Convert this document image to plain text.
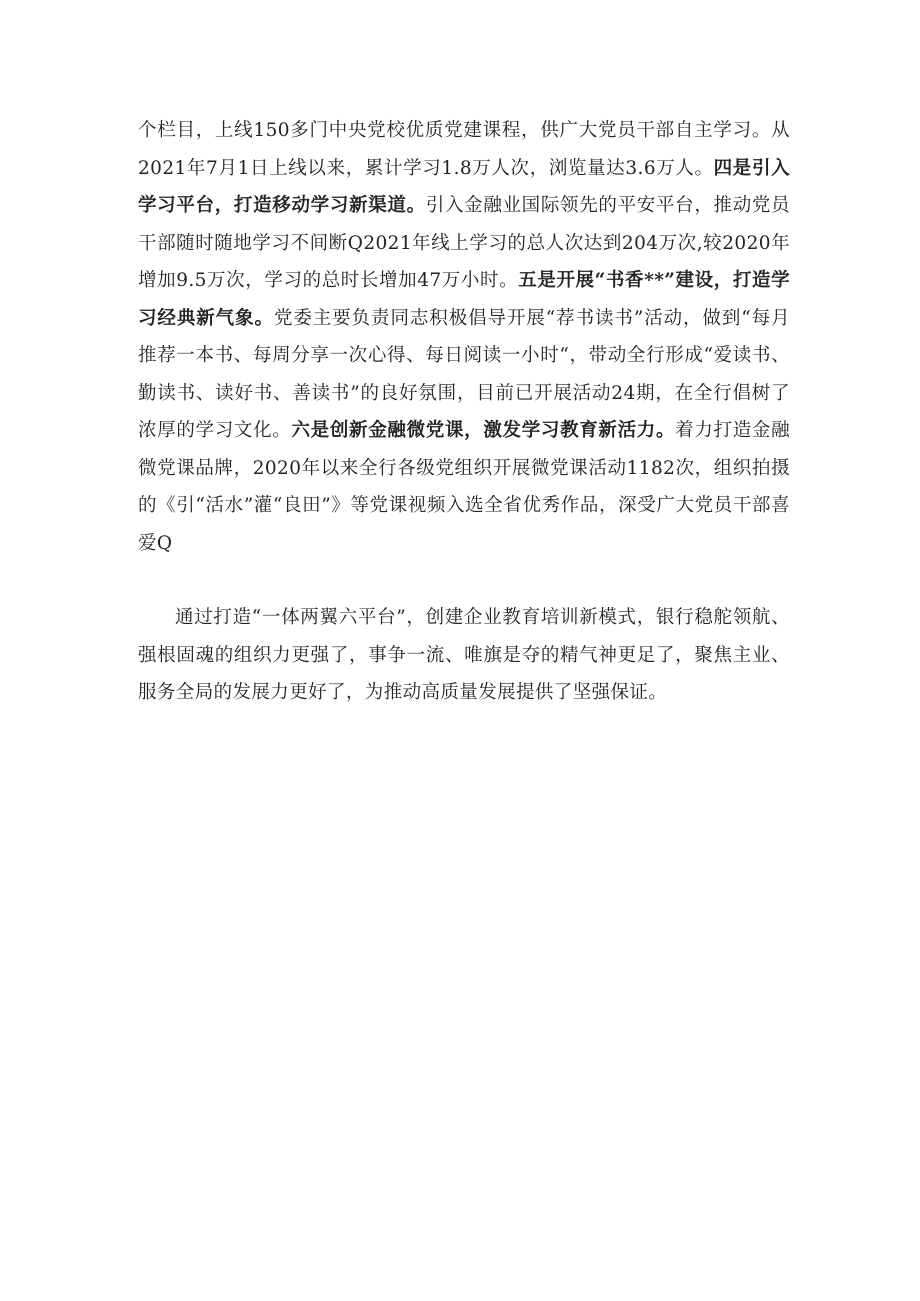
个栏目，上线150多门中央党校优质党建课程，供广大党员干部自主学习。从2021年7月1日上线以来，累计学习1.8万人次，浏览量达3.6万人。四是引入学习平台，打造移动学习新渠道。引入金融业国际领先的平安平台，推动党员干部随时随地学习不间断Q2021年线上学习的总人次达到204万次,较2020年增加9.5万次，学习的总时长增加47万小时。五是开展“书香**”建设，打造学习经典新气象。党委主要负责同志积极倡导开展“荐书读书”活动，做到“每月推荐一本书、每周分享一次心得、每日阅读一小时“，带动全行形成“爱读书、勤读书、读好书、善读书”的良好氛围，目前已开展活动24期，在全行倡树了浓厚的学习文化。六是创新金融微党课，激发学习教育新活力。着力打造金融微党课品牌，2020年以来全行各级党组织开展微党课活动1182次，组织拍摄的《引“活水”灌“良田”》等党课视频入选全省优秀作品，深受广大党员干部喜爱Q

通过打造“一体两翼六平台”，创建企业教育培训新模式，银行稳舵领航、强根固魂的组织力更强了，事争一流、唯旗是夺的精气神更足了，聚焦主业、服务全局的发展力更好了，为推动高质量发展提供了坚强保证。
